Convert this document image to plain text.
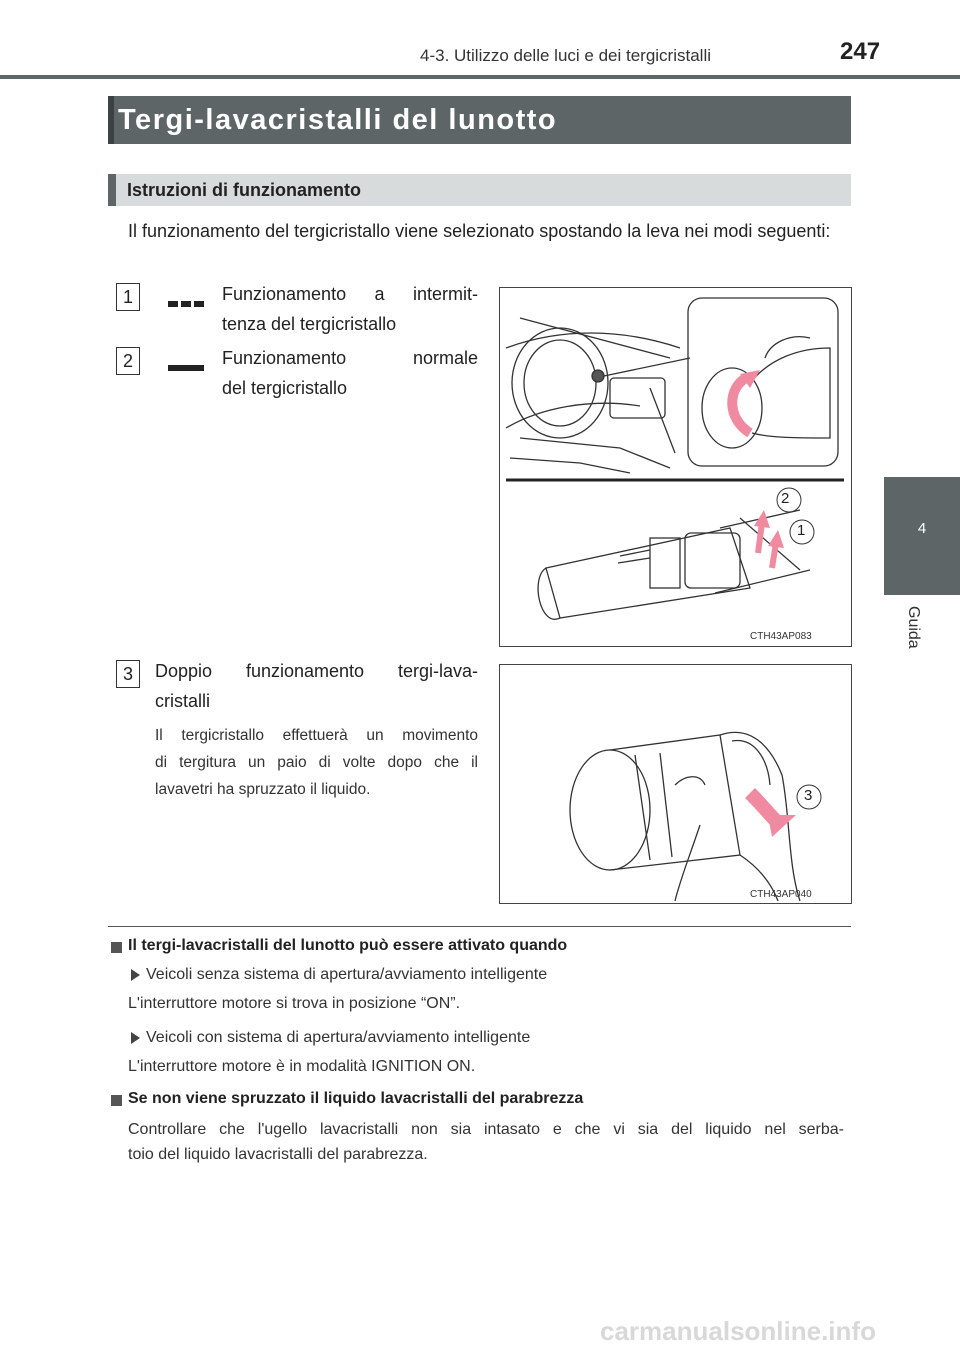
4-3. Utilizzo delle luci e dei tergicristalli	247
4
Guida
Tergi-lavacristalli del lunotto
Istruzioni di funzionamento
Il funzionamento del tergicristallo viene selezionato spostando la leva nei modi seguenti:
1	Funzionamento a intermit-
tenza del tergicristallo
2	Funzionamento normale
del tergicristallo
2
1
CTH43AP083
3	Doppio funzionamento tergi-lava-
cristalli
Il tergicristallo effettuerà un movimento
di tergitura un paio di volte dopo che il
lavavetri ha spruzzato il liquido.	3
CTH43AP040
Il tergi-lavacristalli del lunotto può essere attivato quando
Veicoli senza sistema di apertura/avviamento intelligente
L'interruttore motore si trova in posizione “ON”.
Veicoli con sistema di apertura/avviamento intelligente
L'interruttore motore è in modalità IGNITION ON.
Se non viene spruzzato il liquido lavacristalli del parabrezza
Controllare che l'ugello lavacristalli non sia intasato e che vi sia del liquido nel serba-
toio del liquido lavacristalli del parabrezza.
carmanualsonline.info
